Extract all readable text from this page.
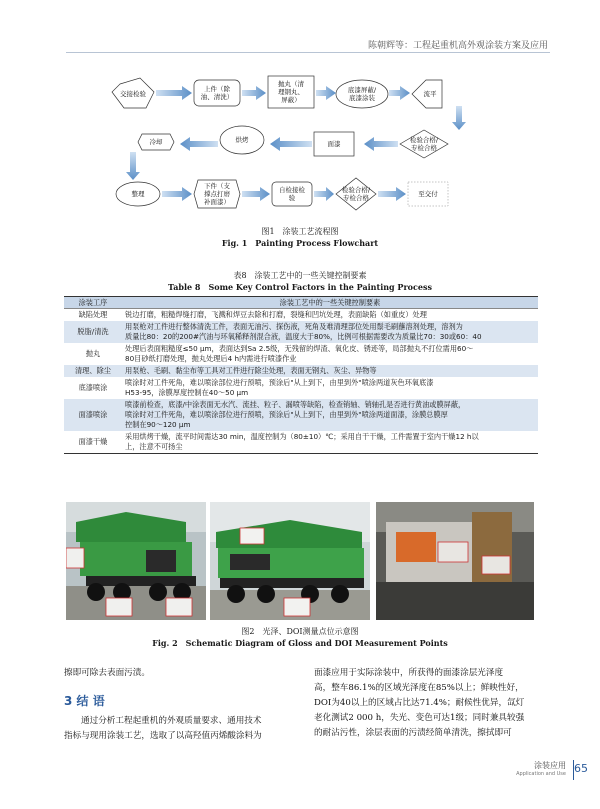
陈朝辉等：工程起重机高外观涂装方案及应用
交接检验
上件（除
油、清洗）
抛丸（清
理钢丸、
屏蔽）
底漆屏蔽/
底漆涂装	流平
检验合格/
专检合格
面漆
烘烤
冷却
整理
下件（支
撑点打磨
补面漆）
自检接检
验
检验合格/
专检合格	至交付
图1　涂装工艺流程图
Fig. 1　Painting Process Flowchart
表8　涂装工艺中的一些关键控制要素
Table 8　Some Key Control Factors in the Painting Process
涂装工序	涂装工艺中的一些关键控制要素
缺陷处理	锐边打磨，粗糙焊缝打磨，飞溅和焊豆去除和打磨，裂缝和凹坑处理，表面缺陷（如重皮）处理

脱脂/清洗	用泵枪对工件进行整体清洗工件，表面无油污、探伤液，死角及难清理部位处用鬃毛刷蘸溶剂处理，溶剂为
质量比80：20的200#汽油与环氧稀释剂混合液，温度大于80%，比例可根据需要改为质量比70：30或60：40

抛丸	处理后表面粗糙度≤50 μm，表面达到Sa 2.5级，无残留的焊渣、氧化皮、锈迹等，局部抛丸不打位需用60～
80目砂纸打磨处理，抛丸处理后4 h内需进行喷漆作业

清理、除尘	用泵枪、毛刷、黏尘布等工具对工件进行除尘处理，表面无钢丸、灰尘、异物等

底漆喷涂	喷涂时对工件死角，难以喷涂部位进行预喷，预涂后"从上到下，由里到外"喷涂两道灰色环氧底漆
H53-95，涂膜厚度控制在40～50 μm

面漆喷涂	喷漆前检查，底漆/中涂表面无水汽、流挂、粒子、漏喷等缺陷，检查销轴、销轴孔是否进行黄油或膜屏蔽，
喷涂时对工件死角，难以喷涂部位进行预喷，预涂后"从上到下，由里到外"喷涂两道面漆，涂膜总膜厚
控制在90～120 μm

面漆干燥	采用烘烤干燥，流平时间需达30 min，温度控制为（80±10）℃；采用自干干燥，工件需置于室内干燥12 h以
上，注意不可扬尘
图2　光泽、DOI测量点位示意图
Fig. 2　Schematic Diagram of Gloss and DOI Measurement Points
擦即可除去表面污渍。
3 结 语
通过分析工程起重机的外观质量要求、通用技术
指标与现用涂装工艺，选取了以高羟值丙烯酸涂料为
面漆应用于实际涂装中，所获得的面漆涂层光泽度
高，整车86.1%的区域光泽度在85%以上；鲜映性好，
DOI为40以上的区域占比达71.4%；耐候性优异，氙灯
老化测试2 000 h，失光、变色可达1级；同时兼具较强
的耐沾污性，涂层表面的污渍经简单清洗，擦拭即可
涂装应用
Application and Use 65
